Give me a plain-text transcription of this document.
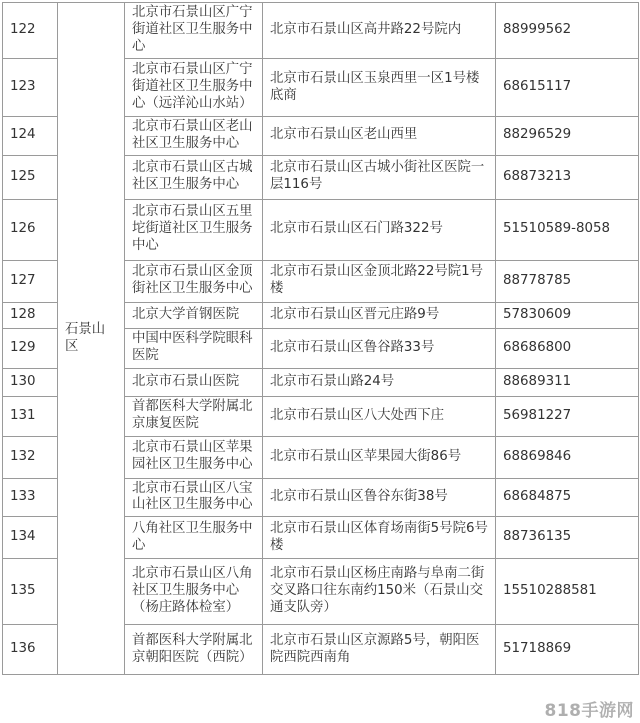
122	石景山区	北京市石景山区广宁街道社区卫生服务中心	北京市石景山区高井路22号院内	88999562
123		北京市石景山区广宁街道社区卫生服务中心（远洋沁山水站）	北京市石景山区玉泉西里一区1号楼底商	68615117
124		北京市石景山区老山社区卫生服务中心	北京市石景山区老山西里	88296529
125		北京市石景山区古城社区卫生服务中心	北京市石景山区古城小街社区医院一层116号	68873213
126		北京市石景山区五里坨街道社区卫生服务中心	北京市石景山区石门路322号	51510589-8058
127		北京市石景山区金顶街社区卫生服务中心	北京市石景山区金顶北路22号院1号楼	88778785
128		北京大学首钢医院	北京市石景山区晋元庄路9号	57830609
129		中国中医科学院眼科医院	北京市石景山区鲁谷路33号	68686800
130		北京市石景山医院	北京市石景山路24号	88689311
131		首都医科大学附属北京康复医院	北京市石景山区八大处西下庄	56981227
132		北京市石景山区苹果园社区卫生服务中心	北京市石景山区苹果园大街86号	68869846
133		北京市石景山区八宝山社区卫生服务中心	北京市石景山区鲁谷东街38号	68684875
134		八角社区卫生服务中心	北京市石景山区体育场南街5号院6号楼	88736135
135		北京市石景山区八角社区卫生服务中心（杨庄路体检室）	北京市石景山区杨庄南路与阜南二街交叉路口往东南约150米（石景山交通支队旁）	15510288581
136		首都医科大学附属北京朝阳医院（西院）	北京市石景山区京源路5号，朝阳医院西院西南角	51718869
818手游网
